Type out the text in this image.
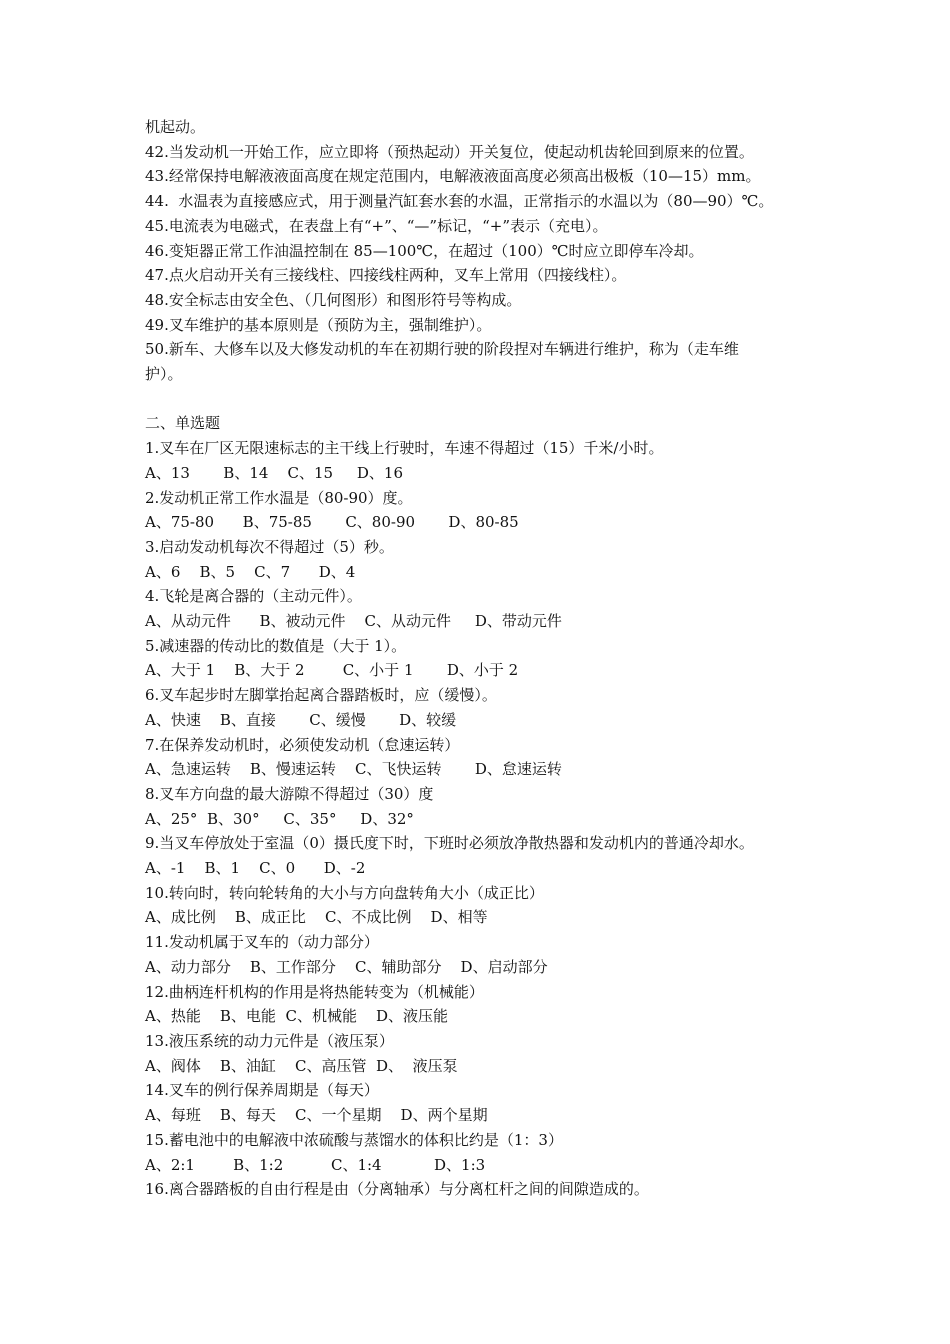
机起动。
42.当发动机一开始工作，应立即将（预热起动）开关复位，使起动机齿轮回到原来的位置。
43.经常保持电解液液面高度在规定范围内，电解液液面高度必须高出极板（10—15）mm。
44.  水温表为直接感应式，用于测量汽缸套水套的水温，正常指示的水温以为（80—90）℃。
45.电流表为电磁式，在表盘上有“+”、“—”标记，“+”表示（充电）。
46.变矩器正常工作油温控制在 85—100℃，在超过（100）℃时应立即停车冷却。
47.点火启动开关有三接线柱、四接线柱两种，叉车上常用（四接线柱）。
48.安全标志由安全色、（几何图形）和图形符号等构成。
49.叉车维护的基本原则是（预防为主，强制维护）。
50.新车、大修车以及大修发动机的车在初期行驶的阶段捏对车辆进行维护，称为（走车维
护）。
二、单选题
1.叉车在厂区无限速标志的主干线上行驶时，车速不得超过（15）千米/小时。
A、13       B、14    C、15     D、16
2.发动机正常工作水温是（80-90）度。
A、75-80      B、75-85       C、80-90       D、80-85
3.启动发动机每次不得超过（5）秒。
A、6    B、5    C、7      D、4
4.飞轮是离合器的（主动元件）。
A、从动元件      B、被动元件    C、从动元件     D、带动元件
5.减速器的传动比的数值是（大于 1）。
A、大于 1    B、大于 2        C、小于 1       D、小于 2
6.叉车起步时左脚掌抬起离合器踏板时，应（缓慢）。
A、快速    B、直接       C、缓慢       D、较缓
7.在保养发动机时，必须使发动机（怠速运转）
A、急速运转    B、慢速运转    C、飞快运转       D、怠速运转
8.叉车方向盘的最大游隙不得超过（30）度
A、25°  B、30°     C、35°     D、32°
9.当叉车停放处于室温（0）摄氏度下时，下班时必须放净散热器和发动机内的普通冷却水。
A、-1    B、1    C、0      D、-2
10.转向时，转向轮转角的大小与方向盘转角大小（成正比）
A、成比例    B、成正比    C、不成比例    D、相等
11.发动机属于叉车的（动力部分）
A、动力部分    B、工作部分    C、辅助部分    D、启动部分
12.曲柄连杆机构的作用是将热能转变为（机械能）
A、热能    B、电能  C、机械能    D、液压能
13.液压系统的动力元件是（液压泵）
A、阀体    B、油缸    C、高压管  D、  液压泵
14.叉车的例行保养周期是（每天）
A、每班    B、每天    C、一个星期    D、两个星期
15.蓄电池中的电解液中浓硫酸与蒸馏水的体积比约是（1：3）
A、2:1        B、1:2          C、1:4           D、1:3
16.离合器踏板的自由行程是由（分离轴承）与分离杠杆之间的间隙造成的。
